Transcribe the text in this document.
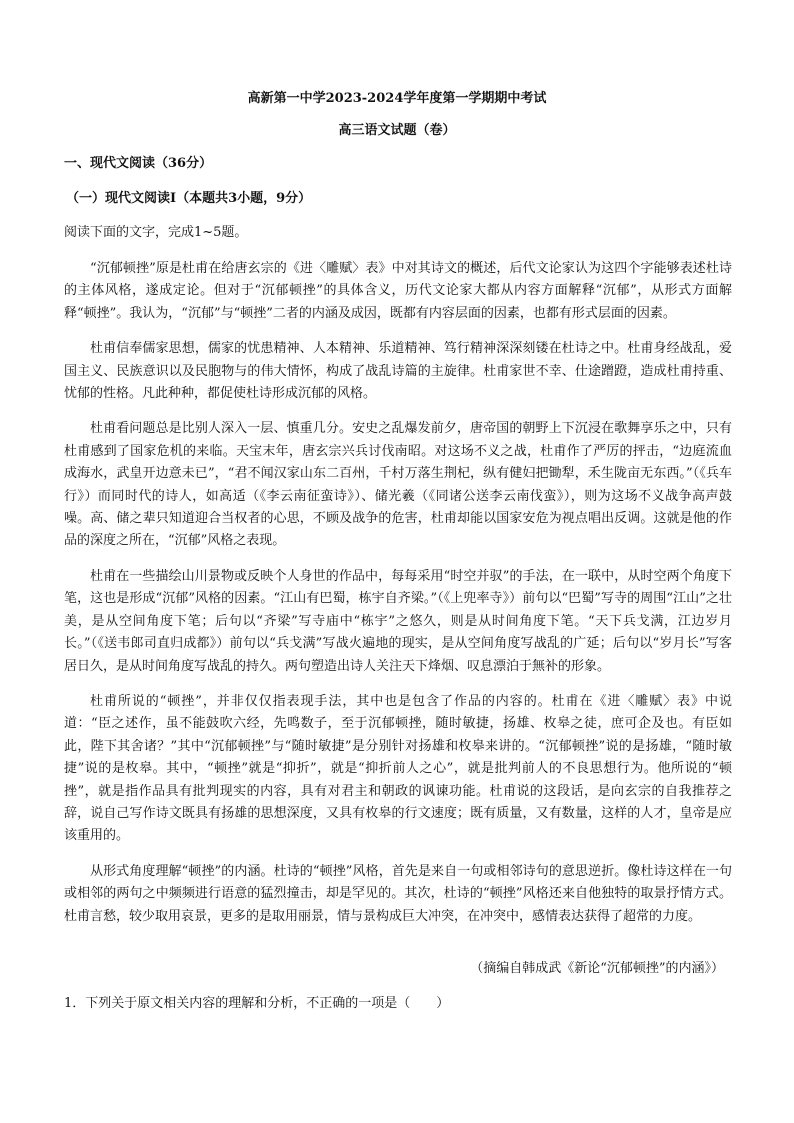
高新第一中学2023-2024学年度第一学期期中考试
高三语文试题（卷）
一、现代文阅读（36分）
（一）现代文阅读Ⅰ（本题共3小题，9分）
阅读下面的文字，完成1~5题。

“沉郁顿挫”原是杜甫在给唐玄宗的《进〈雕赋〉表》中对其诗文的概述，后代文论家认为这四个字能够表述杜诗的主体风格，遂成定论。但对于“沉郁顿挫”的具体含义，历代文论家大都从内容方面解释“沉郁”，从形式方面解释“顿挫”。我认为，“沉郁”与“顿挫”二者的内涵及成因，既都有内容层面的因素，也都有形式层面的因素。

杜甫信奉儒家思想，儒家的忧患精神、人本精神、乐道精神、笃行精神深深刻镂在杜诗之中。杜甫身经战乱，爱国主义、民族意识以及民胞物与的伟大情怀，构成了战乱诗篇的主旋律。杜甫家世不幸、仕途蹭蹬，造成杜甫持重、忧郁的性格。凡此种种，都促使杜诗形成沉郁的风格。

杜甫看问题总是比别人深入一层、慎重几分。安史之乱爆发前夕，唐帝国的朝野上下沉浸在歌舞享乐之中，只有杜甫感到了国家危机的来临。天宝末年，唐玄宗兴兵讨伐南昭。对这场不义之战，杜甫作了严厉的抨击，“边庭流血成海水，武皇开边意未已”，“君不闻汉家山东二百州，千村万落生荆杞，纵有健妇把锄犁，禾生陇亩无东西。”（《兵车行》）而同时代的诗人，如高适（《李云南征蛮诗》）、储光羲（《同诸公送李云南伐蛮》），则为这场不义战争高声鼓噪。高、储之辈只知道迎合当权者的心思，不顾及战争的危害，杜甫却能以国家安危为视点唱出反调。这就是他的作品的深度之所在，“沉郁”风格之表现。

杜甫在一些描绘山川景物或反映个人身世的作品中，每每采用“时空并驭”的手法，在一联中，从时空两个角度下笔，这也是形成“沉郁”风格的因素。“江山有巴蜀，栋宇自齐梁。”（《上兜率寺》）前句以“巴蜀”写寺的周围“江山”之壮美，是从空间角度下笔；后句以“齐梁”写寺庙中“栋宇”之悠久，则是从时间角度下笔。“天下兵戈满，江边岁月长。”（《送韦郎司直归成都》）前句以“兵戈满”写战火遍地的现实，是从空间角度写战乱的广延；后句以“岁月长”写客居日久，是从时间角度写战乱的持久。两句塑造出诗人关注天下烽烟、叹息漂泊于無补的形象。

杜甫所说的“顿挫”，并非仅仅指表现手法，其中也是包含了作品的内容的。杜甫在《进〈雕赋〉表》中说道：“臣之述作，虽不能鼓吹六经，先鸣数子，至于沉郁顿挫，随时敏捷，扬雄、枚皋之徒，庶可企及也。有臣如此，陛下其舍诸？”其中“沉郁顿挫”与“随时敏捷”是分别针对扬雄和枚皋来讲的。“沉郁顿挫”说的是扬雄，“随时敏捷”说的是枚皋。其中，“顿挫”就是“抑折”，就是“抑折前人之心”，就是批判前人的不良思想行为。他所说的“顿挫”，就是指作品具有批判现实的内容，具有对君主和朝政的讽谏功能。杜甫说的这段话，是向玄宗的自我推荐之辞，说自己写作诗文既具有扬雄的思想深度，又具有枚皋的行文速度；既有质量，又有数量，这样的人才，皇帝是应该重用的。

从形式角度理解“顿挫”的内涵。杜诗的“顿挫”风格，首先是来自一句或相邻诗句的意思逆折。像杜诗这样在一句或相邻的两句之中频频进行语意的猛烈撞击，却是罕见的。其次，杜诗的“顿挫”风格还来自他独特的取景抒情方式。杜甫言愁，较少取用哀景，更多的是取用丽景，情与景构成巨大冲突，在冲突中，感情表达获得了超常的力度。

（摘编自韩成武《新论“沉郁顿挫”的内涵》）
1．下列关于原文相关内容的理解和分析，不正确的一项是（　　）
